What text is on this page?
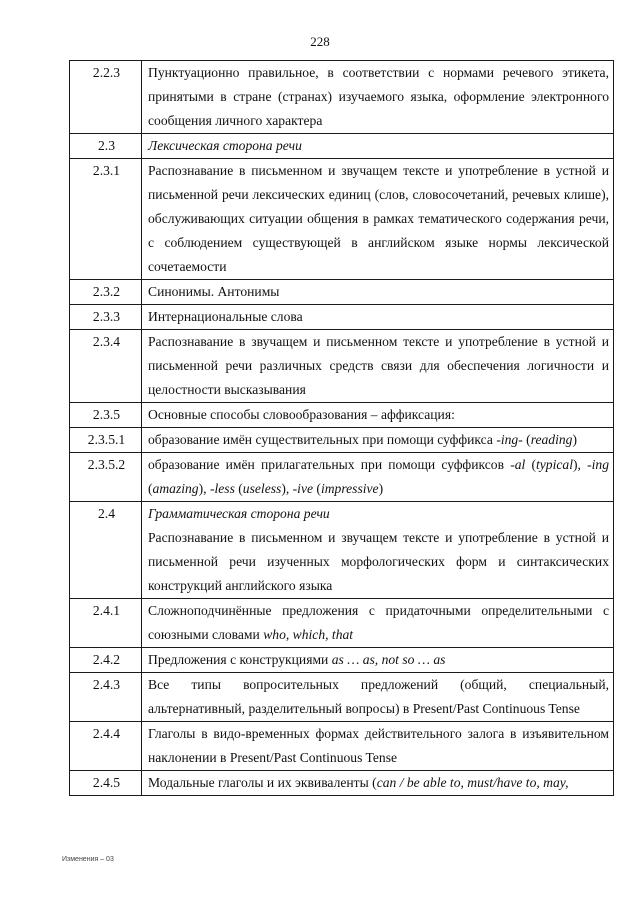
228
2.2.3	Пунктуационно правильное, в соответствии с нормами речевого этикета, принятыми в стране (странах) изучаемого языка, оформление электронного сообщения личного характера
2.3	Лексическая сторона речи
2.3.1	Распознавание в письменном и звучащем тексте и употребление в устной и письменной речи лексических единиц (слов, словосочетаний, речевых клише), обслуживающих ситуации общения в рамках тематического содержания речи, с соблюдением существующей в английском языке нормы лексической сочетаемости
2.3.2	Синонимы. Антонимы
2.3.3	Интернациональные слова
2.3.4	Распознавание в звучащем и письменном тексте и употребление в устной и письменной речи различных средств связи для обеспечения логичности и целостности высказывания
2.3.5	Основные способы словообразования – аффиксация:
2.3.5.1	образование имён существительных при помощи суффикса -ing- (reading)
2.3.5.2	образование имён прилагательных при помощи суффиксов -al (typical), -ing (amazing), -less (useless), -ive (impressive)
2.4	Грамматическая сторона речи
Распознавание в письменном и звучащем тексте и употребление в устной и письменной речи изученных морфологических форм и синтаксических конструкций английского языка

2.4.1	Сложноподчинённые предложения с придаточными определительными с союзными словами who, which, that
2.4.2	Предложения с конструкциями as … as, not so … as
2.4.3	Все типы вопросительных предложений (общий, специальный, альтернативный, разделительный вопросы) в Present/Past Continuous Tense
2.4.4	Глаголы в видо-временных формах действительного залога в изъявительном наклонении в Present/Past Continuous Tense
2.4.5	Модальные глаголы и их эквиваленты (can / be able to, must/have to, may,
Изменения – 03
